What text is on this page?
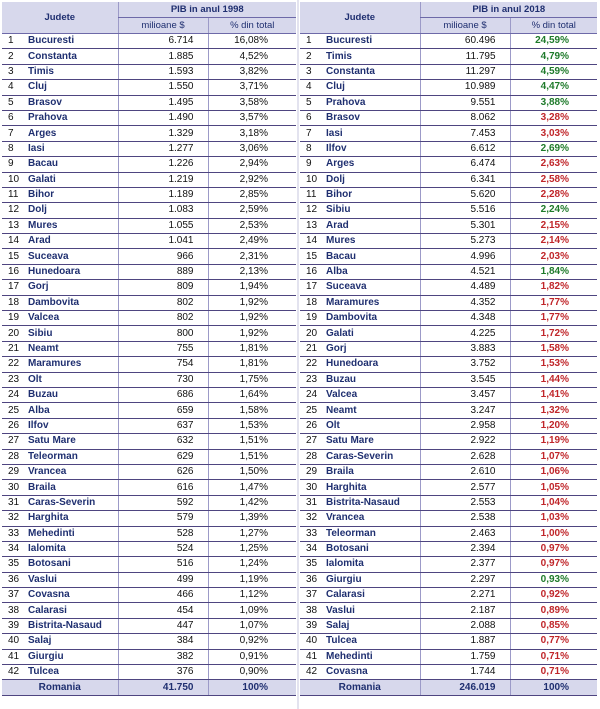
Judete		PIB in anul 1998	
		milioane $	% din total
1	Bucuresti	6.714	16,08%
2	Constanta	1.885	4,52%
3	Timis	1.593	3,82%
4	Cluj	1.550	3,71%
5	Brasov	1.495	3,58%
6	Prahova	1.490	3,57%
7	Arges	1.329	3,18%
8	Iasi	1.277	3,06%
9	Bacau	1.226	2,94%
10	Galati	1.219	2,92%
11	Bihor	1.189	2,85%
12	Dolj	1.083	2,59%
13	Mures	1.055	2,53%
14	Arad	1.041	2,49%
15	Suceava	966	2,31%
16	Hunedoara	889	2,13%
17	Gorj	809	1,94%
18	Dambovita	802	1,92%
19	Valcea	802	1,92%
20	Sibiu	800	1,92%
21	Neamt	755	1,81%
22	Maramures	754	1,81%
23	Olt	730	1,75%
24	Buzau	686	1,64%
25	Alba	659	1,58%
26	Ilfov	637	1,53%
27	Satu Mare	632	1,51%
28	Teleorman	629	1,51%
29	Vrancea	626	1,50%
30	Braila	616	1,47%
31	Caras-Severin	592	1,42%
32	Harghita	579	1,39%
33	Mehedinti	528	1,27%
34	Ialomita	524	1,25%
35	Botosani	516	1,24%
36	Vaslui	499	1,19%
37	Covasna	466	1,12%
38	Calarasi	454	1,09%
39	Bistrita-Nasaud	447	1,07%
40	Salaj	384	0,92%
41	Giurgiu	382	0,91%
42	Tulcea	376	0,90%
Romania		41.750	100%
Judete		PIB in anul 2018	
		milioane $	% din total
1	Bucuresti	60.496	24,59%
2	Timis	11.795	4,79%
3	Constanta	11.297	4,59%
4	Cluj	10.989	4,47%
5	Prahova	9.551	3,88%
6	Brasov	8.062	3,28%
7	Iasi	7.453	3,03%
8	Ilfov	6.612	2,69%
9	Arges	6.474	2,63%
10	Dolj	6.341	2,58%
11	Bihor	5.620	2,28%
12	Sibiu	5.516	2,24%
13	Arad	5.301	2,15%
14	Mures	5.273	2,14%
15	Bacau	4.996	2,03%
16	Alba	4.521	1,84%
17	Suceava	4.489	1,82%
18	Maramures	4.352	1,77%
19	Dambovita	4.348	1,77%
20	Galati	4.225	1,72%
21	Gorj	3.883	1,58%
22	Hunedoara	3.752	1,53%
23	Buzau	3.545	1,44%
24	Valcea	3.457	1,41%
25	Neamt	3.247	1,32%
26	Olt	2.958	1,20%
27	Satu Mare	2.922	1,19%
28	Caras-Severin	2.628	1,07%
29	Braila	2.610	1,06%
30	Harghita	2.577	1,05%
31	Bistrita-Nasaud	2.553	1,04%
32	Vrancea	2.538	1,03%
33	Teleorman	2.463	1,00%
34	Botosani	2.394	0,97%
35	Ialomita	2.377	0,97%
36	Giurgiu	2.297	0,93%
37	Calarasi	2.271	0,92%
38	Vaslui	2.187	0,89%
39	Salaj	2.088	0,85%
40	Tulcea	1.887	0,77%
41	Mehedinti	1.759	0,71%
42	Covasna	1.744	0,71%
Romania		246.019	100%
